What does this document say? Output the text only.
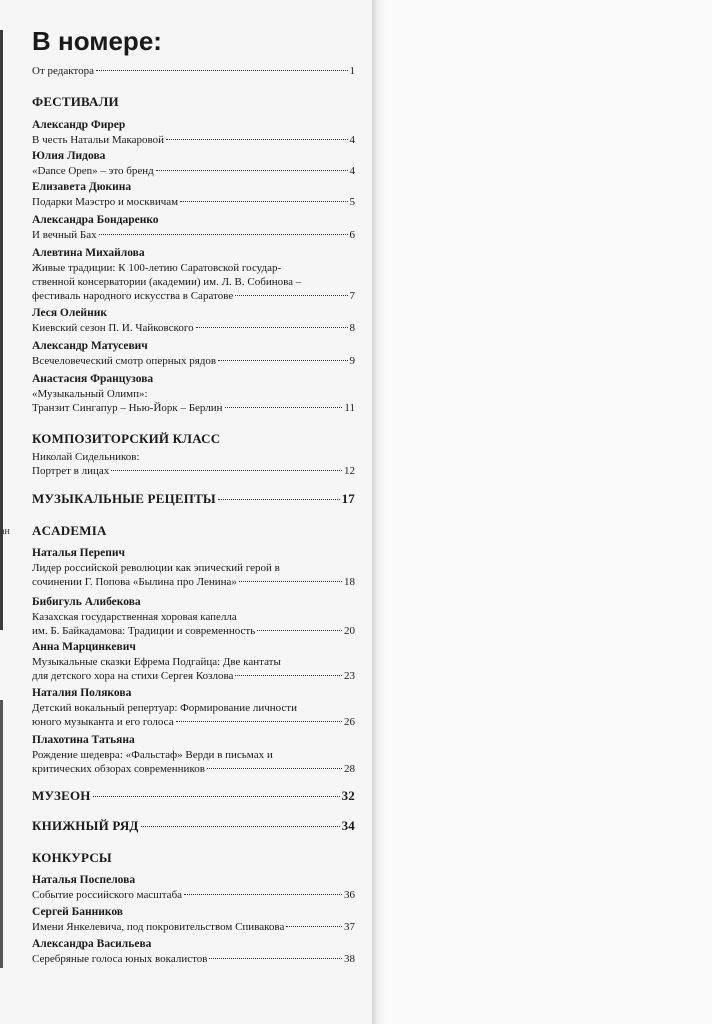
ан
В номере:
От редактора	1
ФЕСТИВАЛИ
Александр Фирер
В честь Натальи Макаровой	4
Юлия Лидова
«Dance Open» – это бренд	4
Елизавета Дюкина
Подарки Маэстро и москвичам	5
Александра Бондаренко
И вечный Бах	6
Алевтина Михайлова
Живые традиции: К 100-летию Саратовской государ-
ственной консерватории (академии) им. Л. В. Собинова –
фестиваль народного искусства в Саратове	7
Леся Олейник
Киевский сезон П. И. Чайковского	8
Александр Матусевич
Всечеловеческий смотр оперных рядов	9
Анастасия Французова
«Музыкальный Олимп»:
Транзит Сингапур – Нью-Йорк – Берлин	11
КОМПОЗИТОРСКИЙ КЛАСС
Николай Сидельников:
Портрет в лицах	12
МУЗЫКАЛЬНЫЕ РЕЦЕПТЫ	17
ACADEMIA
Наталья Перепич
Лидер российской революции как эпический герой в
сочинении Г. Попова «Былина про Ленина»	18
Бибигуль Алибекова
Казахская государственная хоровая капелла
им. Б. Байкадамова: Традиции и современность	20
Анна Марцинкевич
Музыкальные сказки Ефрема Подгайца: Две кантаты
для детского хора на стихи Сергея Козлова	23
Наталия Полякова
Детский вокальный репертуар: Формирование личности
юного музыканта и его голоса	26
Плахотина Татьяна
Рождение шедевра: «Фальстаф» Верди в письмах и
критических обзорах современников	28
МУЗЕОН	32
КНИЖНЫЙ РЯД	34
КОНКУРСЫ
Наталья Поспелова
Событие российского масштаба	36
Сергей Банников
Имени Янкелевича, под покровительством Спивакова	37
Александра Васильева
Серебряные голоса юных вокалистов	38
